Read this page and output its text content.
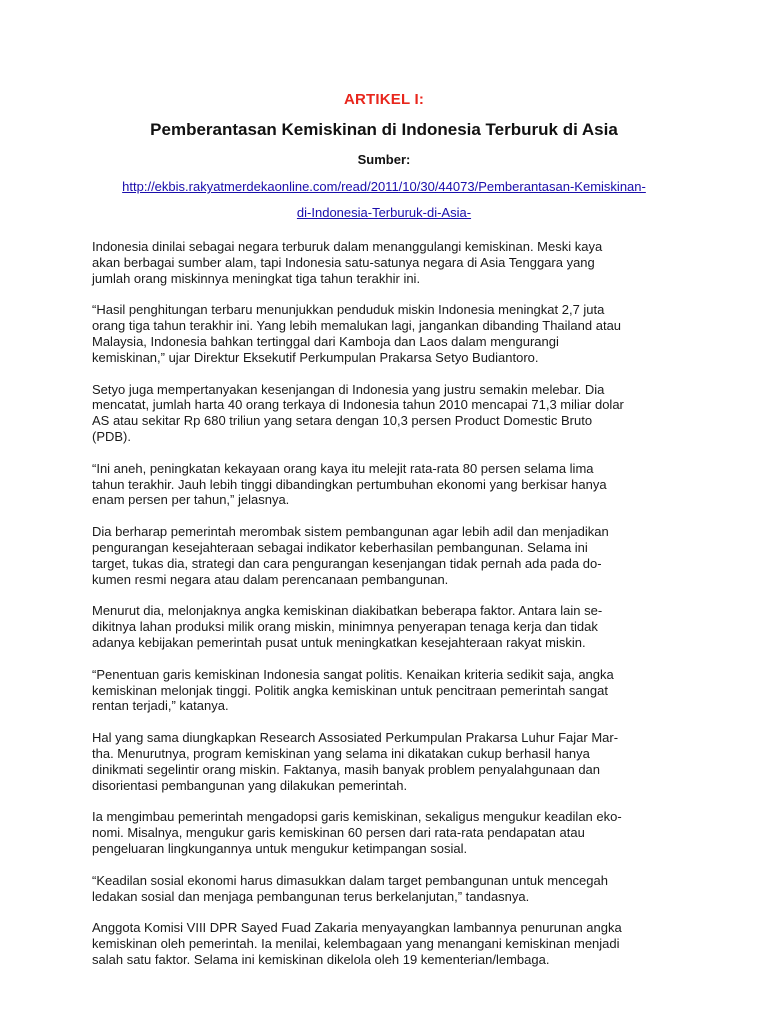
ARTIKEL I:
Pemberantasan Kemiskinan di Indonesia Terburuk di Asia
Sumber:
http://ekbis.rakyatmerdekaonline.com/read/2011/10/30/44073/Pemberantasan-Kemiskinan-
di-Indonesia-Terburuk-di-Asia-

Indonesia dinilai sebagai negara terburuk dalam menanggulangi kemiskinan. Meski kaya
akan berbagai sumber alam, tapi Indonesia satu-satunya negara di Asia Tenggara yang
jumlah orang miskinnya meningkat tiga tahun terakhir ini.

“Hasil penghitungan terbaru menunjukkan penduduk miskin Indonesia meningkat 2,7 juta
orang tiga tahun terakhir ini. Yang lebih memalukan lagi, jangankan dibanding Thailand atau
Malaysia, Indonesia bahkan tertinggal dari Kamboja dan Laos dalam mengurangi
kemiskinan,” ujar Direktur Eksekutif Perkumpulan Prakarsa Setyo Budiantoro.

Setyo juga mempertanyakan kesenjangan di Indonesia yang justru semakin melebar. Dia
mencatat, jumlah harta 40 orang terkaya di Indonesia tahun 2010 mencapai 71,3 miliar dolar
AS atau sekitar Rp 680 triliun yang setara dengan 10,3 persen Product Domestic Bruto
(PDB).

“Ini aneh, peningkatan kekayaan orang kaya itu melejit rata-rata 80 persen selama lima
tahun terakhir. Jauh lebih tinggi dibandingkan pertumbuhan ekonomi yang berkisar hanya
enam persen per tahun,” jelasnya.

Dia berharap pemerintah merombak sistem pembangunan agar lebih adil dan menjadikan
pengurangan kesejahteraan sebagai indikator keberhasilan pembangunan. Selama ini
target, tukas dia, strategi dan cara pengurangan kesenjangan tidak pernah ada pada do-
kumen resmi negara atau dalam perencanaan pembangunan.

Menurut dia, melonjaknya angka kemiskinan diakibatkan beberapa faktor. Antara lain se-
dikitnya lahan produksi milik orang miskin, minimnya penyerapan tenaga kerja dan tidak
adanya kebijakan pemerintah pusat untuk meningkatkan kesejahteraan rakyat miskin.

“Penentuan garis kemiskinan Indonesia sangat politis. Kenaikan kriteria sedikit saja, angka
kemiskinan melonjak tinggi. Politik angka kemiskinan untuk pencitraan pemerintah sangat
rentan terjadi,” katanya.

Hal yang sama diungkapkan Research Assosiated Perkumpulan Prakarsa Luhur Fajar Mar-
tha. Menurutnya, program kemiskinan yang selama ini dikatakan cukup berhasil hanya
dinikmati segelintir orang miskin. Faktanya, masih banyak problem penyalahgunaan dan
disorientasi pembangunan yang dilakukan pemerintah.

Ia mengimbau pemerintah mengadopsi garis kemiskinan, sekaligus mengukur keadilan eko-
nomi. Misalnya, mengukur garis kemiskinan 60 persen dari rata-rata pendapatan atau
pengeluaran lingkungannya untuk mengukur ketimpangan sosial.

“Keadilan sosial ekonomi harus dimasukkan dalam target pembangunan untuk mencegah
ledakan sosial dan menjaga pembangunan terus berkelanjutan,” tandasnya.

Anggota Komisi VIII DPR Sayed Fuad Zakaria menyayangkan lambannya penurunan angka
kemiskinan oleh pemerintah. Ia menilai, kelembagaan yang menangani kemiskinan menjadi
salah satu faktor. Selama ini kemiskinan dikelola oleh 19 kementerian/lembaga.
